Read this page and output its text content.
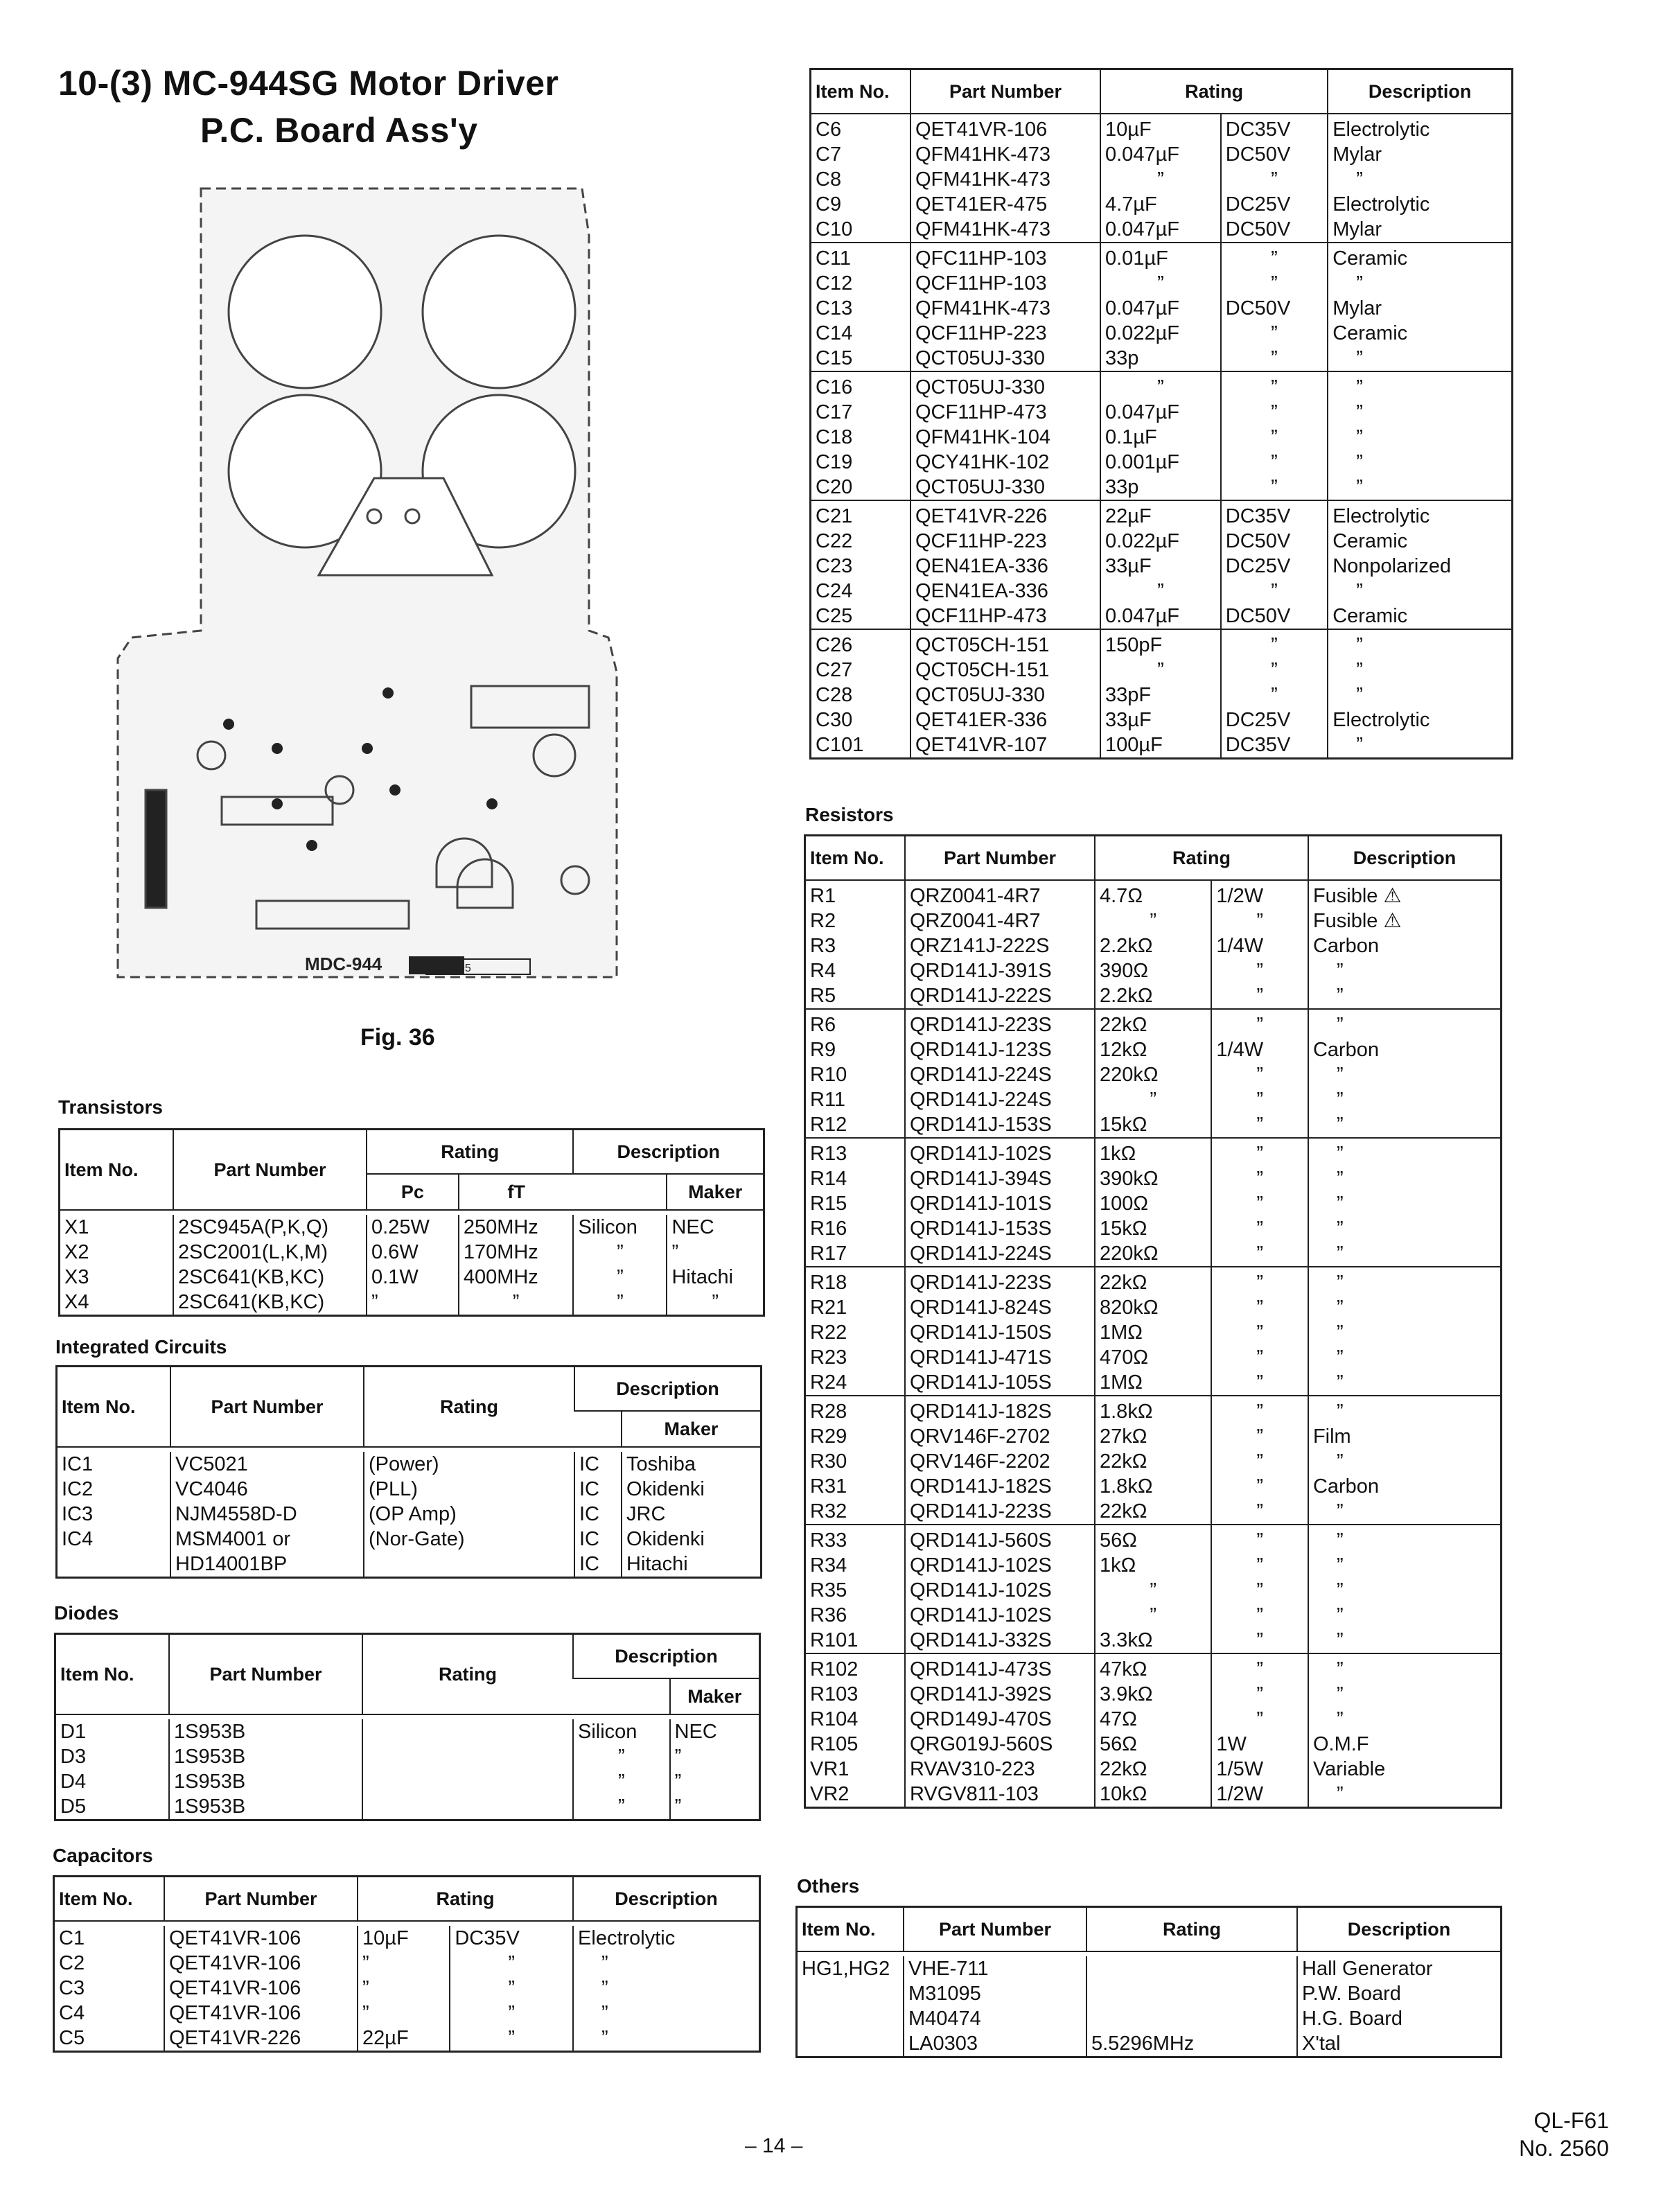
10-(3) MC-944SG Motor Driver
P.C. Board Ass'y
MDC-944	M31095
Fig. 36
Transistors
Item No.	Part Number	Rating		Description	
		Pc	fT		Maker

X1	2SC945A(P,K,Q)	0.25W	250MHz	Silicon	NEC
X2	2SC2001(L,K,M)	0.6W	170MHz	”	”
X3	2SC641(KB,KC)	0.1W	400MHz	”	Hitachi
X4	2SC641(KB,KC)	”	”	”	”
Integrated Circuits
Item No.	Part Number	Rating	Description	
				Maker

IC1	VC5021	(Power)	IC	Toshiba
IC2	VC4046	(PLL)	IC	Okidenki
IC3	NJM4558D-D	(OP Amp)	IC	JRC
IC4	MSM4001 or	(Nor-Gate)	IC	Okidenki
	HD14001BP		IC	Hitachi
Diodes
Item No.	Part Number	Rating	Description	
				Maker

D1	1S953B		Silicon	NEC
D3	1S953B		”	”
D4	1S953B		”	”
D5	1S953B		”	”
Capacitors
Item No.	Part Number	Rating		Description

C1	QET41VR-106	10µF	DC35V	Electrolytic
C2	QET41VR-106	”	”	”
C3	QET41VR-106	”	”	”
C4	QET41VR-106	”	”	”
C5	QET41VR-226	22µF	”	”
Item No.	Part Number	Rating		Description
C6	QET41VR-106	10µF	DC35V	Electrolytic
C7	QFM41HK-473	0.047µF	DC50V	Mylar
C8	QFM41HK-473	”	”	”
C9	QET41ER-475	4.7µF	DC25V	Electrolytic
C10	QFM41HK-473	0.047µF	DC50V	Mylar
C11	QFC11HP-103	0.01µF	”	Ceramic
C12	QCF11HP-103	”	”	”
C13	QFM41HK-473	0.047µF	DC50V	Mylar
C14	QCF11HP-223	0.022µF	”	Ceramic
C15	QCT05UJ-330	33p	”	”
C16	QCT05UJ-330	”	”	”
C17	QCF11HP-473	0.047µF	”	”
C18	QFM41HK-104	0.1µF	”	”
C19	QCY41HK-102	0.001µF	”	”
C20	QCT05UJ-330	33p	”	”
C21	QET41VR-226	22µF	DC35V	Electrolytic
C22	QCF11HP-223	0.022µF	DC50V	Ceramic
C23	QEN41EA-336	33µF	DC25V	Nonpolarized
C24	QEN41EA-336	”	”	”
C25	QCF11HP-473	0.047µF	DC50V	Ceramic
C26	QCT05CH-151	150pF	”	”
C27	QCT05CH-151	”	”	”
C28	QCT05UJ-330	33pF	”	”
C30	QET41ER-336	33µF	DC25V	Electrolytic
C101	QET41VR-107	100µF	DC35V	”
Resistors
Item No.	Part Number	Rating		Description
R1	QRZ0041-4R7	4.7Ω	1/2W	Fusible ⚠
R2	QRZ0041-4R7	”	”	Fusible ⚠
R3	QRZ141J-222S	2.2kΩ	1/4W	Carbon
R4	QRD141J-391S	390Ω	”	”
R5	QRD141J-222S	2.2kΩ	”	”
R6	QRD141J-223S	22kΩ	”	”
R9	QRD141J-123S	12kΩ	1/4W	Carbon
R10	QRD141J-224S	220kΩ	”	”
R11	QRD141J-224S	”	”	”
R12	QRD141J-153S	15kΩ	”	”
R13	QRD141J-102S	1kΩ	”	”
R14	QRD141J-394S	390kΩ	”	”
R15	QRD141J-101S	100Ω	”	”
R16	QRD141J-153S	15kΩ	”	”
R17	QRD141J-224S	220kΩ	”	”
R18	QRD141J-223S	22kΩ	”	”
R21	QRD141J-824S	820kΩ	”	”
R22	QRD141J-150S	1MΩ	”	”
R23	QRD141J-471S	470Ω	”	”
R24	QRD141J-105S	1MΩ	”	”
R28	QRD141J-182S	1.8kΩ	”	”
R29	QRV146F-2702	27kΩ	”	Film
R30	QRV146F-2202	22kΩ	”	”
R31	QRD141J-182S	1.8kΩ	”	Carbon
R32	QRD141J-223S	22kΩ	”	”
R33	QRD141J-560S	56Ω	”	”
R34	QRD141J-102S	1kΩ	”	”
R35	QRD141J-102S	”	”	”
R36	QRD141J-102S	”	”	”
R101	QRD141J-332S	3.3kΩ	”	”
R102	QRD141J-473S	47kΩ	”	”
R103	QRD141J-392S	3.9kΩ	”	”
R104	QRD149J-470S	47Ω	”	”
R105	QRG019J-560S	56Ω	1W	O.M.F
VR1	RVAV310-223	22kΩ	1/5W	Variable
VR2	RVGV811-103	10kΩ	1/2W	”
Others
Item No.	Part Number	Rating	Description

HG1,HG2	VHE-711		Hall Generator
	M31095		P.W. Board
	M40474		H.G. Board
	LA0303	5.5296MHz	X'tal
– 14 –
QL-F61
No. 2560
